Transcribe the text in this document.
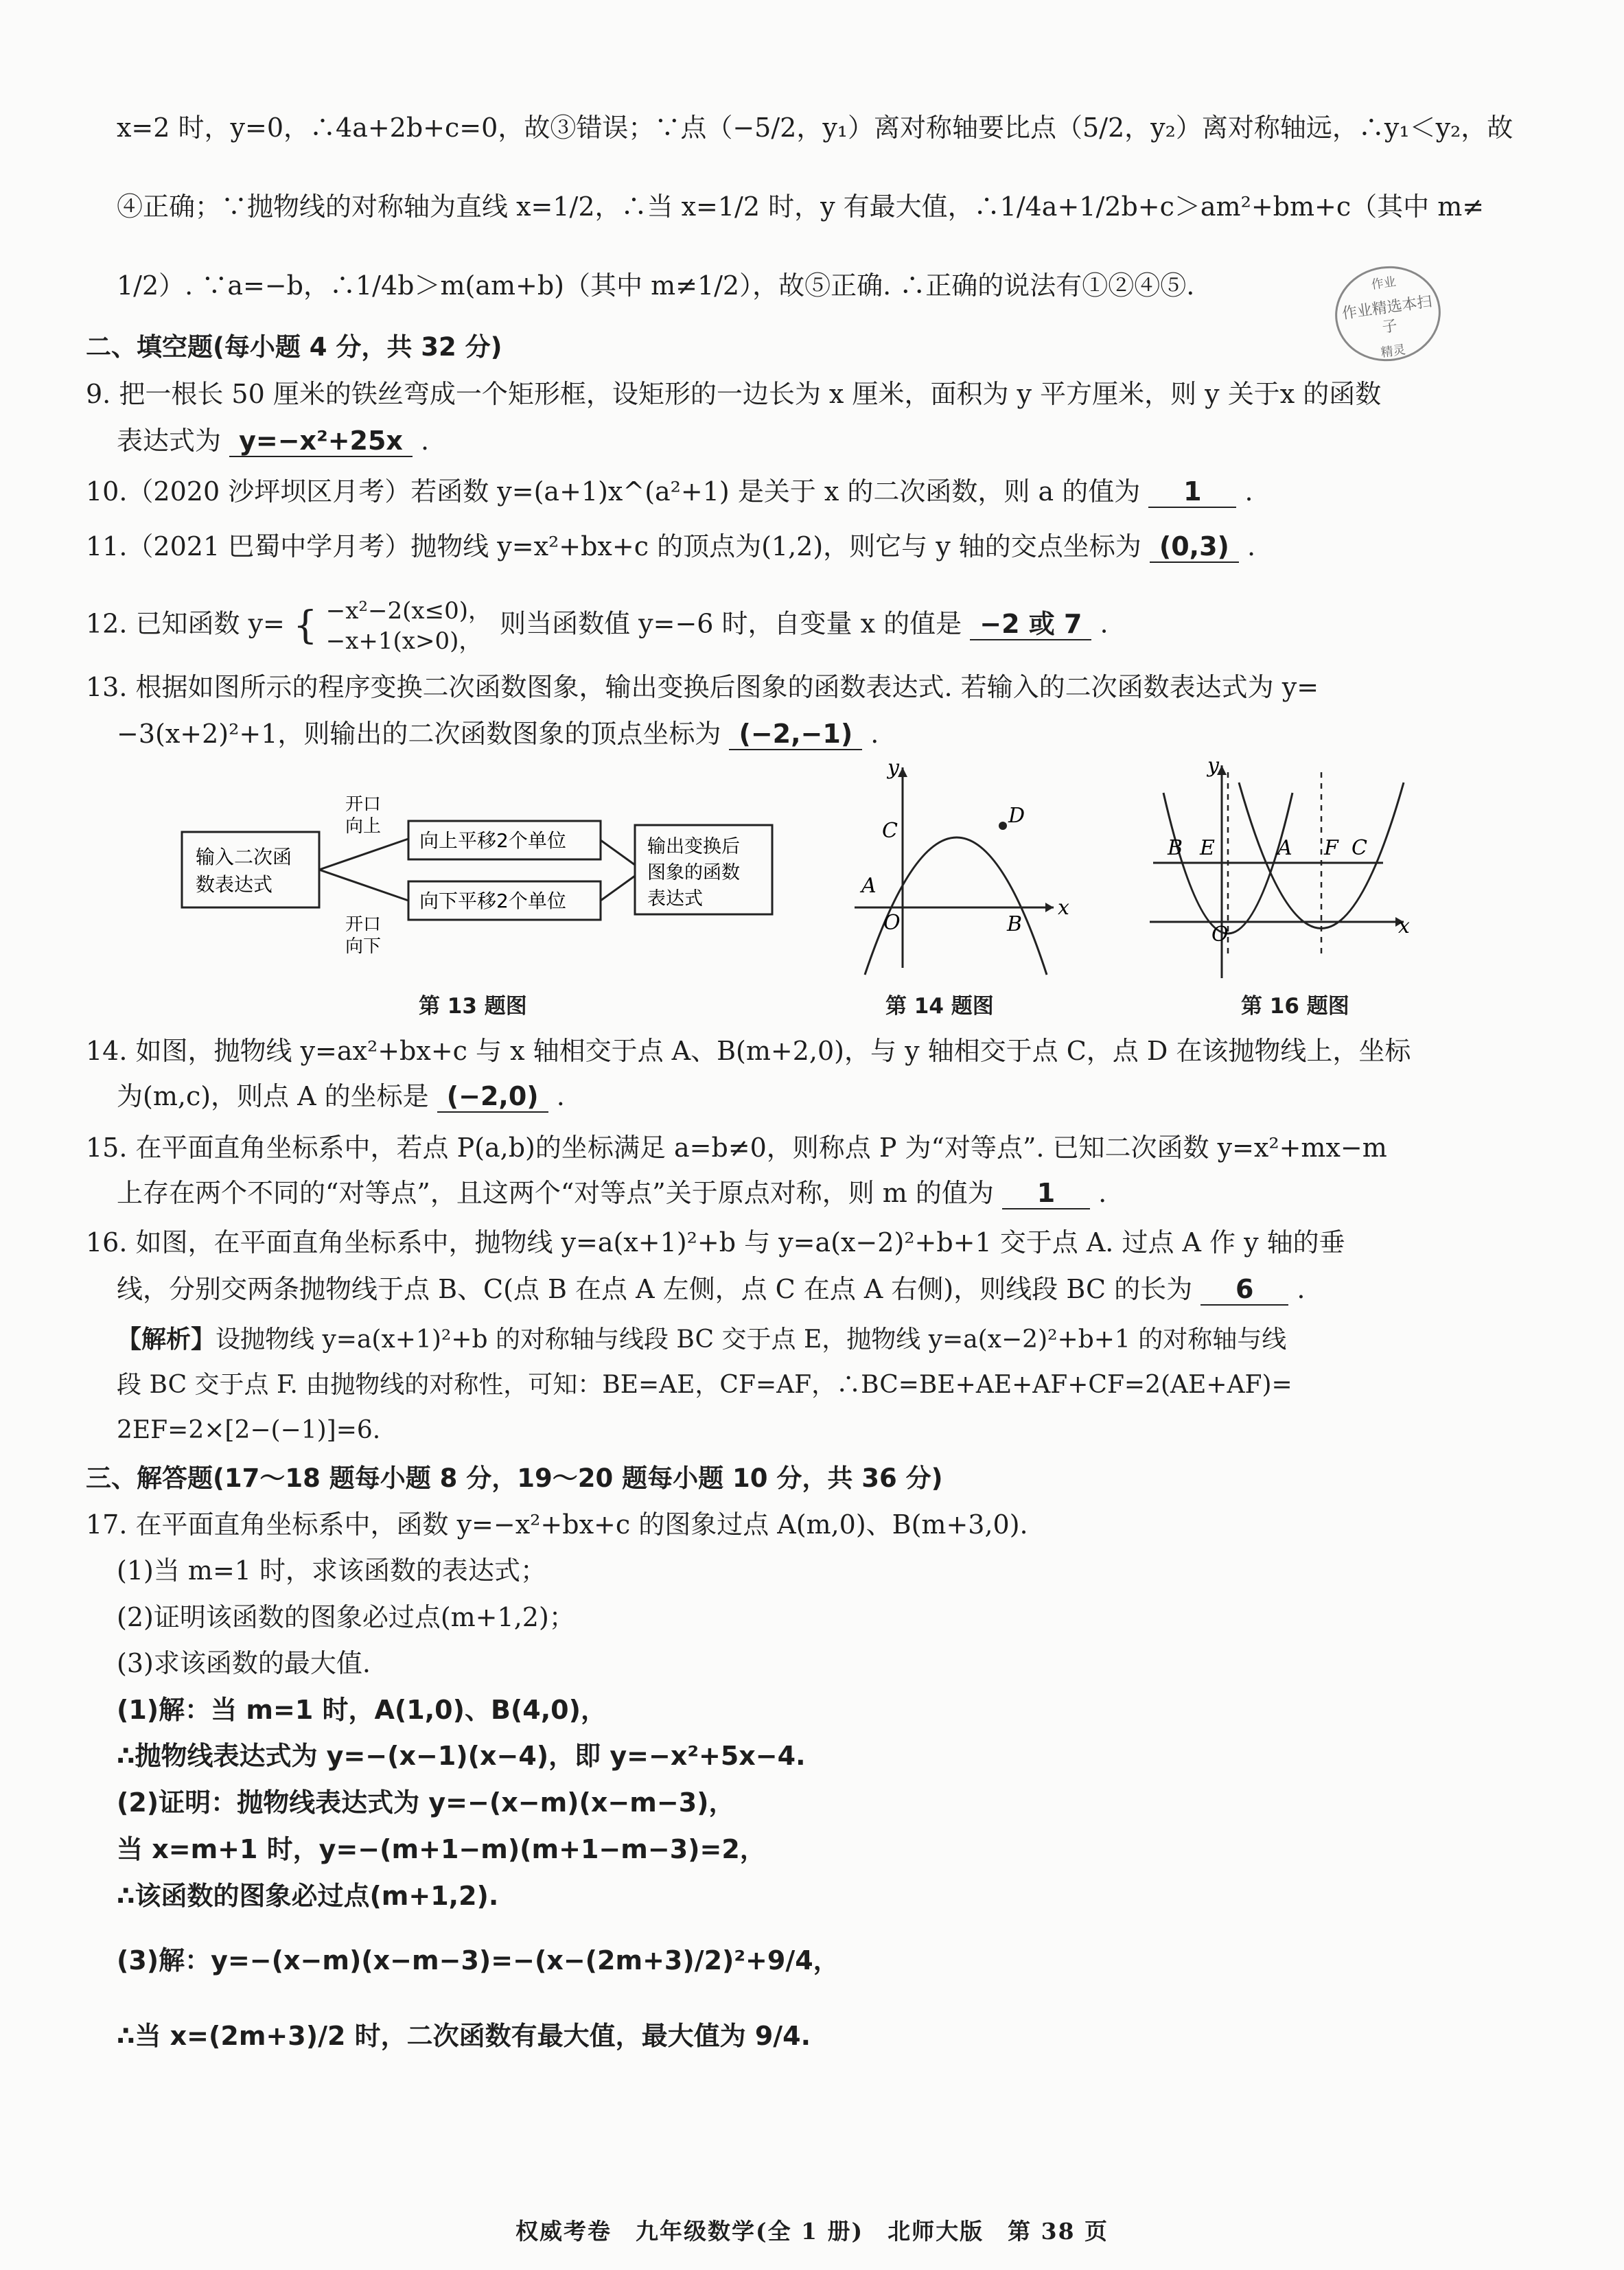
x=2 时，y=0，∴4a+2b+c=0，故③错误；∵点（−5/2，y₁）离对称轴要比点（5/2，y₂）离对称轴远，∴y₁＜y₂，故
④正确；∵抛物线的对称轴为直线 x=1/2，∴当 x=1/2 时，y 有最大值，∴1/4a+1/2b+c＞am²+bm+c（其中 m≠
1/2）. ∵a=−b，∴1/4b＞m(am+b)（其中 m≠1/2），故⑤正确. ∴正确的说法有①②④⑤.	作业
作业精选本扫子
精灵
二、填空题(每小题 4 分，共 32 分)
9. 把一根长 50 厘米的铁丝弯成一个矩形框，设矩形的一边长为 x 厘米，面积为 y 平方厘米，则 y 关于x 的函数
表达式为 y=−x²+25x .
10.（2020 沙坪坝区月考）若函数 y=(a+1)x^(a²+1) 是关于 x 的二次函数，则 a 的值为 1 .
11.（2021 巴蜀中学月考）抛物线 y=x²+bx+c 的顶点为(1,2)，则它与 y 轴的交点坐标为 (0,3) .
12. 已知函数 y= { −x²−2(x≤0)，
−x+1(x>0)，
则当函数值 y=−6 时，自变量 x 的值是 −2 或 7 .
13. 根据如图所示的程序变换二次函数图象，输出变换后图象的函数表达式. 若输入的二次函数表达式为 y=
−3(x+2)²+1，则输出的二次函数图象的顶点坐标为 (−2,−1) .
输入二次函
数表达式
开口
向上
开口
向下
向上平移2个单位
向下平移2个单位
输出变换后
图象的函数
表达式
第 13 题图
y
x
O
A
B
C
D
第 14 题图
y
x
O
B E	A F C
第 16 题图
14. 如图，抛物线 y=ax²+bx+c 与 x 轴相交于点 A、B(m+2,0)，与 y 轴相交于点 C，点 D 在该抛物线上，坐标
为(m,c)，则点 A 的坐标是 (−2,0) .
15. 在平面直角坐标系中，若点 P(a,b)的坐标满足 a=b≠0，则称点 P 为“对等点”. 已知二次函数 y=x²+mx−m
上存在两个不同的“对等点”，且这两个“对等点”关于原点对称，则 m 的值为 1 .
16. 如图，在平面直角坐标系中，抛物线 y=a(x+1)²+b 与 y=a(x−2)²+b+1 交于点 A. 过点 A 作 y 轴的垂
线，分别交两条抛物线于点 B、C(点 B 在点 A 左侧，点 C 在点 A 右侧)，则线段 BC 的长为 6 .
【解析】设抛物线 y=a(x+1)²+b 的对称轴与线段 BC 交于点 E，抛物线 y=a(x−2)²+b+1 的对称轴与线
段 BC 交于点 F. 由抛物线的对称性，可知：BE=AE，CF=AF，∴BC=BE+AE+AF+CF=2(AE+AF)=
2EF=2×[2−(−1)]=6.
三、解答题(17～18 题每小题 8 分，19～20 题每小题 10 分，共 36 分)
17. 在平面直角坐标系中，函数 y=−x²+bx+c 的图象过点 A(m,0)、B(m+3,0).
(1)当 m=1 时，求该函数的表达式；
(2)证明该函数的图象必过点(m+1,2)；
(3)求该函数的最大值.
(1)解：当 m=1 时，A(1,0)、B(4,0)，
∴抛物线表达式为 y=−(x−1)(x−4)，即 y=−x²+5x−4.
(2)证明：抛物线表达式为 y=−(x−m)(x−m−3)，
当 x=m+1 时，y=−(m+1−m)(m+1−m−3)=2，
∴该函数的图象必过点(m+1,2).
(3)解：y=−(x−m)(x−m−3)=−(x−(2m+3)/2)²+9/4，
∴当 x=(2m+3)/2 时，二次函数有最大值，最大值为 9/4.
权威考卷　九年级数学(全 1 册)　北师大版　第 38 页
